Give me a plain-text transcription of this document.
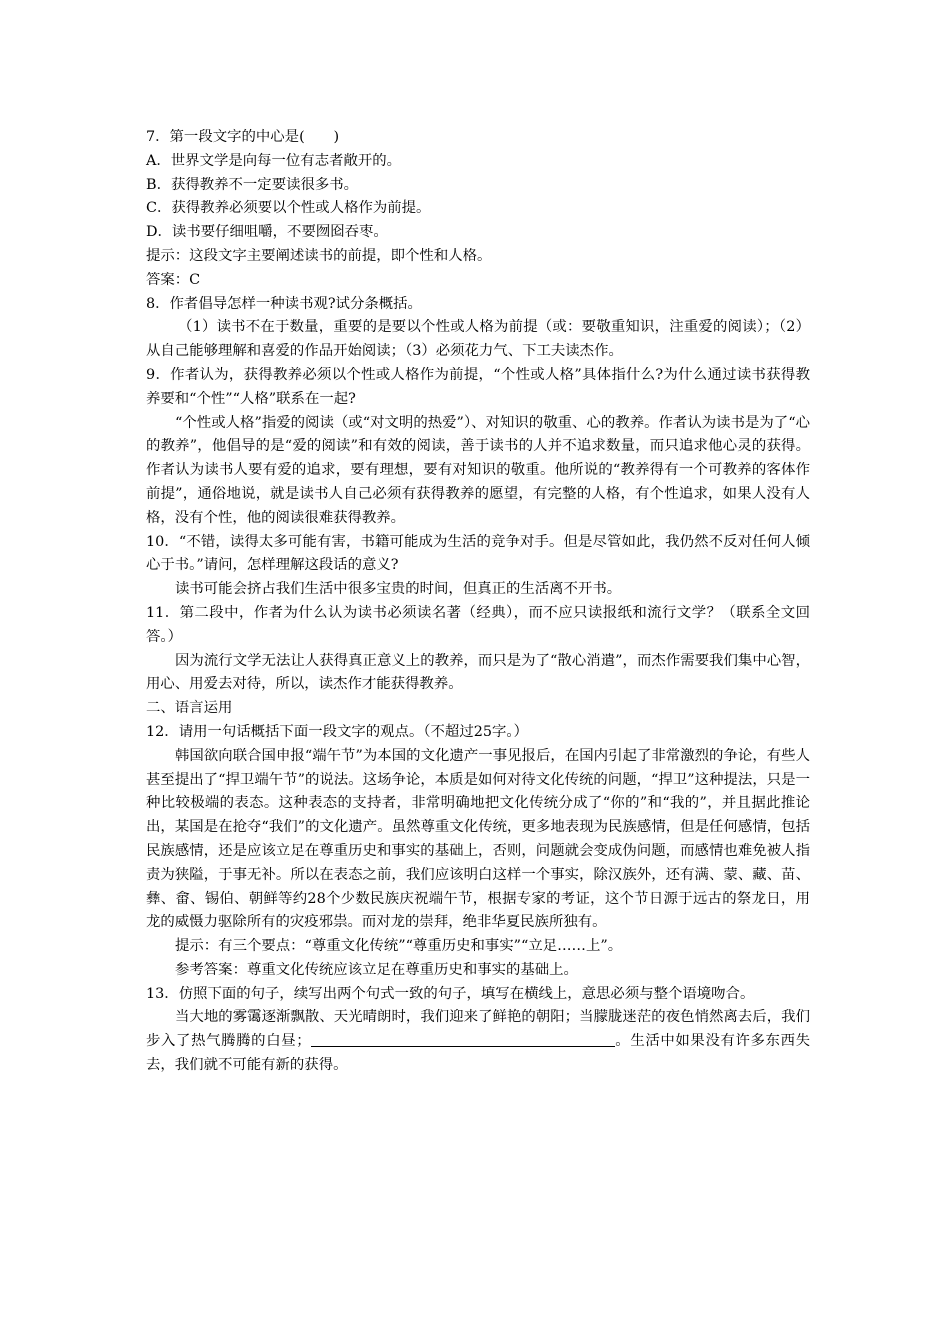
7．第一段文字的中心是(　　)

A．世界文学是向每一位有志者敞开的。

B．获得教养不一定要读很多书。

C．获得教养必须要以个性或人格作为前提。

D．读书要仔细咀嚼，不要囫囵吞枣。

提示：这段文字主要阐述读书的前提，即个性和人格。

答案：C

8．作者倡导怎样一种读书观?试分条概括。

（1）读书不在于数量，重要的是要以个性或人格为前提（或：要敬重知识，注重爱的阅读）；（2）从自己能够理解和喜爱的作品开始阅读；（3）必须花力气、下工夫读杰作。

9．作者认为，获得教养必须以个性或人格作为前提，“个性或人格”具体指什么?为什么通过读书获得教养要和“个性”“人格”联系在一起?

“个性或人格”指爱的阅读（或“对文明的热爱”）、对知识的敬重、心的教养。作者认为读书是为了“心的教养”，他倡导的是“爱的阅读”和有效的阅读，善于读书的人并不追求数量，而只追求他心灵的获得。作者认为读书人要有爱的追求，要有理想，要有对知识的敬重。他所说的“教养得有一个可教养的客体作前提”，通俗地说，就是读书人自己必须有获得教养的愿望，有完整的人格，有个性追求，如果人没有人格，没有个性，他的阅读很难获得教养。

10．“不错，读得太多可能有害，书籍可能成为生活的竞争对手。但是尽管如此，我仍然不反对任何人倾心于书。”请问，怎样理解这段话的意义?

读书可能会挤占我们生活中很多宝贵的时间，但真正的生活离不开书。

11．第二段中，作者为什么认为读书必须读名著（经典），而不应只读报纸和流行文学？（联系全文回答。）

因为流行文学无法让人获得真正意义上的教养，而只是为了“散心消遣”，而杰作需要我们集中心智，用心、用爱去对待，所以，读杰作才能获得教养。

二、语言运用

12．请用一句话概括下面一段文字的观点。（不超过25字。）

韩国欲向联合国申报“端午节”为本国的文化遗产一事见报后，在国内引起了非常激烈的争论，有些人甚至提出了“捍卫端午节”的说法。这场争论，本质是如何对待文化传统的问题，“捍卫”这种提法，只是一种比较极端的表态。这种表态的支持者，非常明确地把文化传统分成了“你的”和“我的”，并且据此推论出，某国是在抢夺“我们”的文化遗产。虽然尊重文化传统，更多地表现为民族感情，但是任何感情，包括民族感情，还是应该立足在尊重历史和事实的基础上，否则，问题就会变成伪问题，而感情也难免被人指责为狭隘，于事无补。所以在表态之前，我们应该明白这样一个事实，除汉族外，还有满、蒙、藏、苗、彝、畲、锡伯、朝鲜等约28个少数民族庆祝端午节，根据专家的考证，这个节日源于远古的祭龙日，用龙的威慑力驱除所有的灾疫邪祟。而对龙的崇拜，绝非华夏民族所独有。

提示：有三个要点：“尊重文化传统”“尊重历史和事实”“立足……上”。

参考答案：尊重文化传统应该立足在尊重历史和事实的基础上。

13．仿照下面的句子，续写出两个句式一致的句子，填写在横线上，意思必须与整个语境吻合。

当大地的雾霭逐渐飘散、天光晴朗时，我们迎来了鲜艳的朝阳；当朦胧迷茫的夜色悄然离去后，我们步入了热气腾腾的白昼；	。生活中如果没有许多东西失去，我们就不可能有新的获得。
